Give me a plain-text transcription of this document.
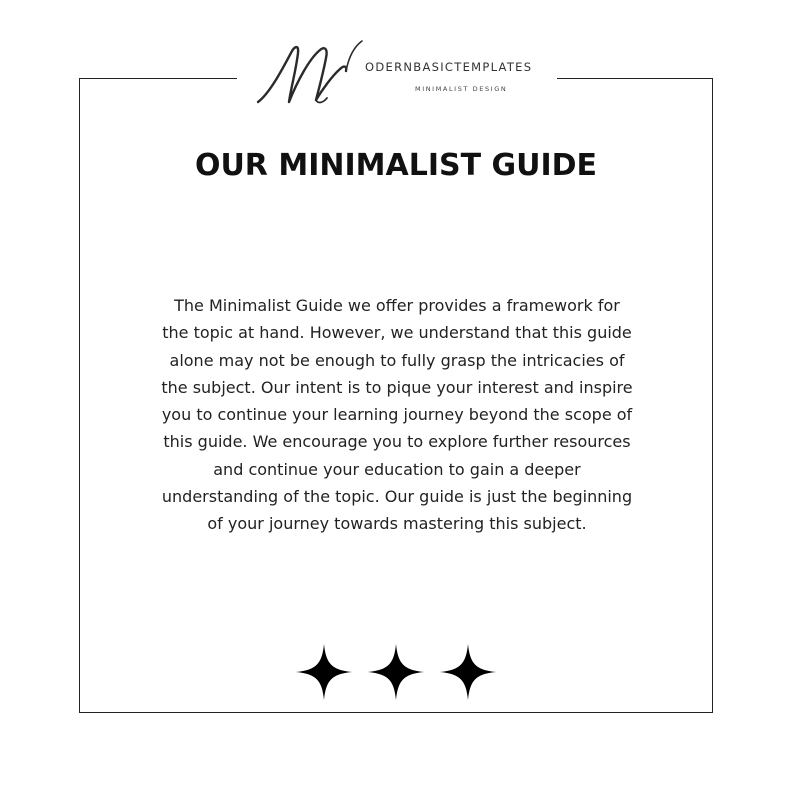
M
ODERNBASICTEMPLATES
MINIMALIST DESIGN
OUR MINIMALIST GUIDE
The Minimalist Guide we offer provides a framework for
the topic at hand. However, we understand that this guide
alone may not be enough to fully grasp the intricacies of
the subject. Our intent is to pique your interest and inspire
you to continue your learning journey beyond the scope of
this guide. We encourage you to explore further resources
and continue your education to gain a deeper
understanding of the topic. Our guide is just the beginning
of your journey towards mastering this subject.
